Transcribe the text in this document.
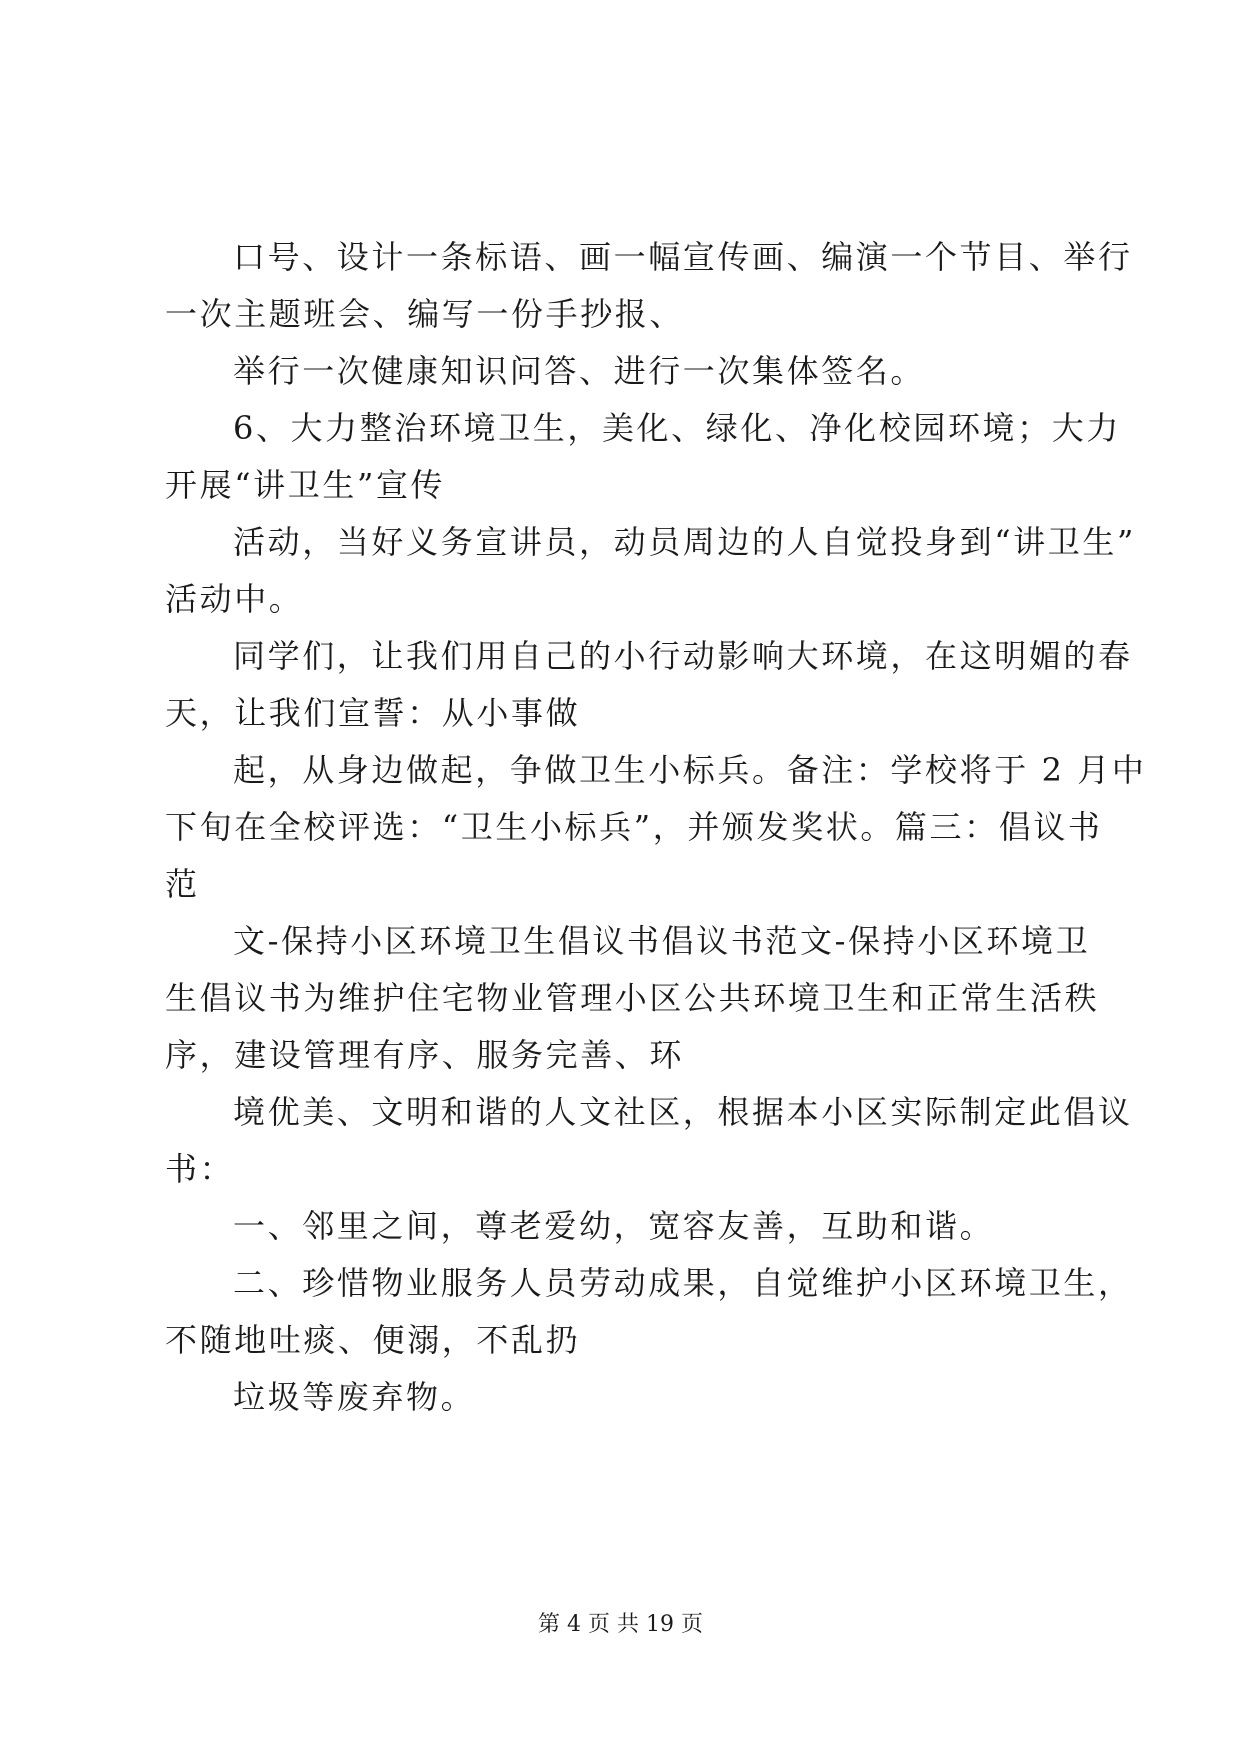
口号、设计一条标语、画一幅宣传画、编演一个节目、举行
一次主题班会、编写一份手抄报、
举行一次健康知识问答、进行一次集体签名。
6、大力整治环境卫生，美化、绿化、净化校园环境；大力
开展“讲卫生”宣传
活动，当好义务宣讲员，动员周边的人自觉投身到“讲卫生”
活动中。
同学们，让我们用自己的小行动影响大环境，在这明媚的春
天，让我们宣誓：从小事做
起，从身边做起，争做卫生小标兵。备注：学校将于 2 月中
下旬在全校评选：“卫生小标兵”，并颁发奖状。篇三：倡议书
范
文-保持小区环境卫生倡议书倡议书范文-保持小区环境卫
生倡议书为维护住宅物业管理小区公共环境卫生和正常生活秩
序，建设管理有序、服务完善、环
境优美、文明和谐的人文社区，根据本小区实际制定此倡议
书：
一、邻里之间，尊老爱幼，宽容友善，互助和谐。
二、珍惜物业服务人员劳动成果，自觉维护小区环境卫生，
不随地吐痰、便溺，不乱扔
垃圾等废弃物。
第 4 页 共 19 页
